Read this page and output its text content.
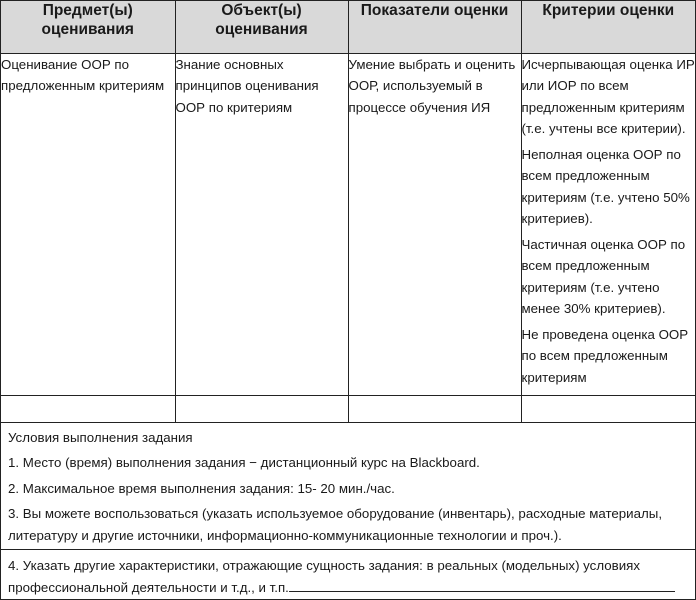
Предмет(ы) оценивания	Объект(ы) оценивания	Показатели оценки	Критерии оценки
Оценивание ООР по предложенным критериям	Знание основных принципов оценивания ООР по критериям	Умение выбрать и оценить ООР, используемый в процессе обучения ИЯ	Исчерпывающая оценка ИР или ИОР по всем предложенным критериям (т.е. учтены все критерии).

Неполная оценка ООР по всем предложенным критериям (т.е. учтено 50% критериев).

Частичная оценка ООР по всем предложенным критериям (т.е. учтено менее 30% критериев).

Не проведена оценка ООР по всем предложенным критериям

Условия выполнения задания

1. Место (время) выполнения задания − дистанционный курс на Blackboard.

2. Максимальное время выполнения задания: 15- 20 мин./час.

3. Вы можете воспользоваться (указать используемое оборудование (инвентарь), расходные материалы, литературу и другие источники, информационно-коммуникационные технологии и проч.).

4. Указать другие характеристики, отражающие сущность задания: в реальных (модельных) условиях профессиональной деятельности и т.д., и т.п.
